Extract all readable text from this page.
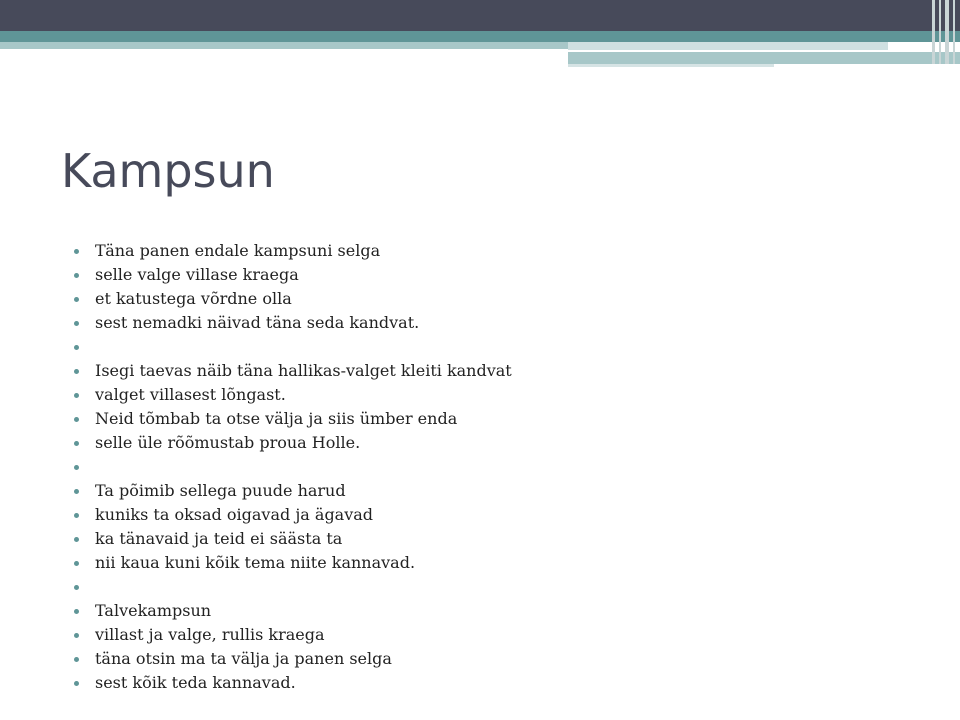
Kampsun
Täna panen endale kampsuni selga
selle valge villase kraega
et katustega võrdne olla
sest nemadki näivad täna seda kandvat.
Isegi taevas näib täna hallikas-valget kleiti kandvat
valget villasest lõngast.
Neid tõmbab ta otse välja ja siis ümber enda
selle üle rõõmustab proua Holle.
Ta põimib sellega puude harud
kuniks ta oksad oigavad ja ägavad
ka tänavaid ja teid ei säästa ta
nii kaua kuni kõik tema niite kannavad.
Talvekampsun
villast ja valge, rullis kraega
täna otsin ma ta välja ja panen selga
sest kõik teda kannavad.
